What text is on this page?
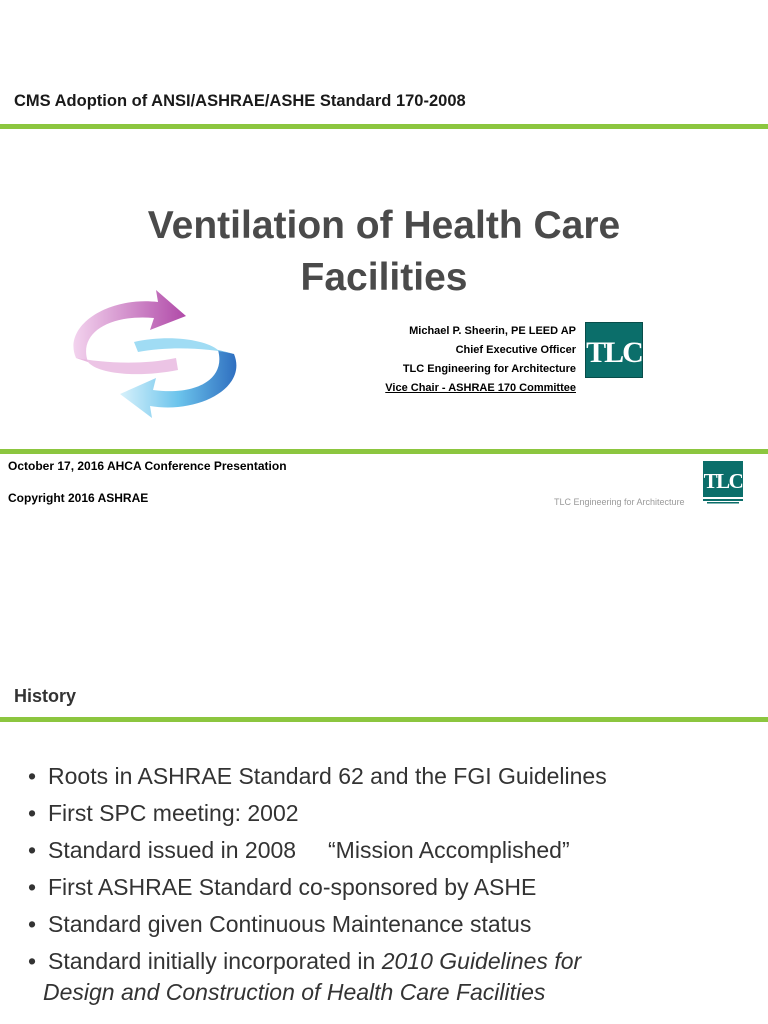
CMS Adoption of ANSI/ASHRAE/ASHE Standard 170-2008
Ventilation of Health Care
Facilities
Michael P. Sheerin, PE LEED AP
Chief Executive Officer
TLC Engineering for Architecture
Vice Chair - ASHRAE 170 Committee
TLC
October 17, 2016 AHCA Conference Presentation
Copyright 2016 ASHRAE	TLC Engineering for Architecture
TLC
History
• Roots in ASHRAE Standard 62 and the FGI Guidelines
• First SPC meeting: 2002
• Standard issued in 2008     “Mission Accomplished”
• First ASHRAE Standard co-sponsored by ASHE
• Standard given Continuous Maintenance status
• Standard initially incorporated in 2010 Guidelines for
Design and Construction of Health Care Facilities
